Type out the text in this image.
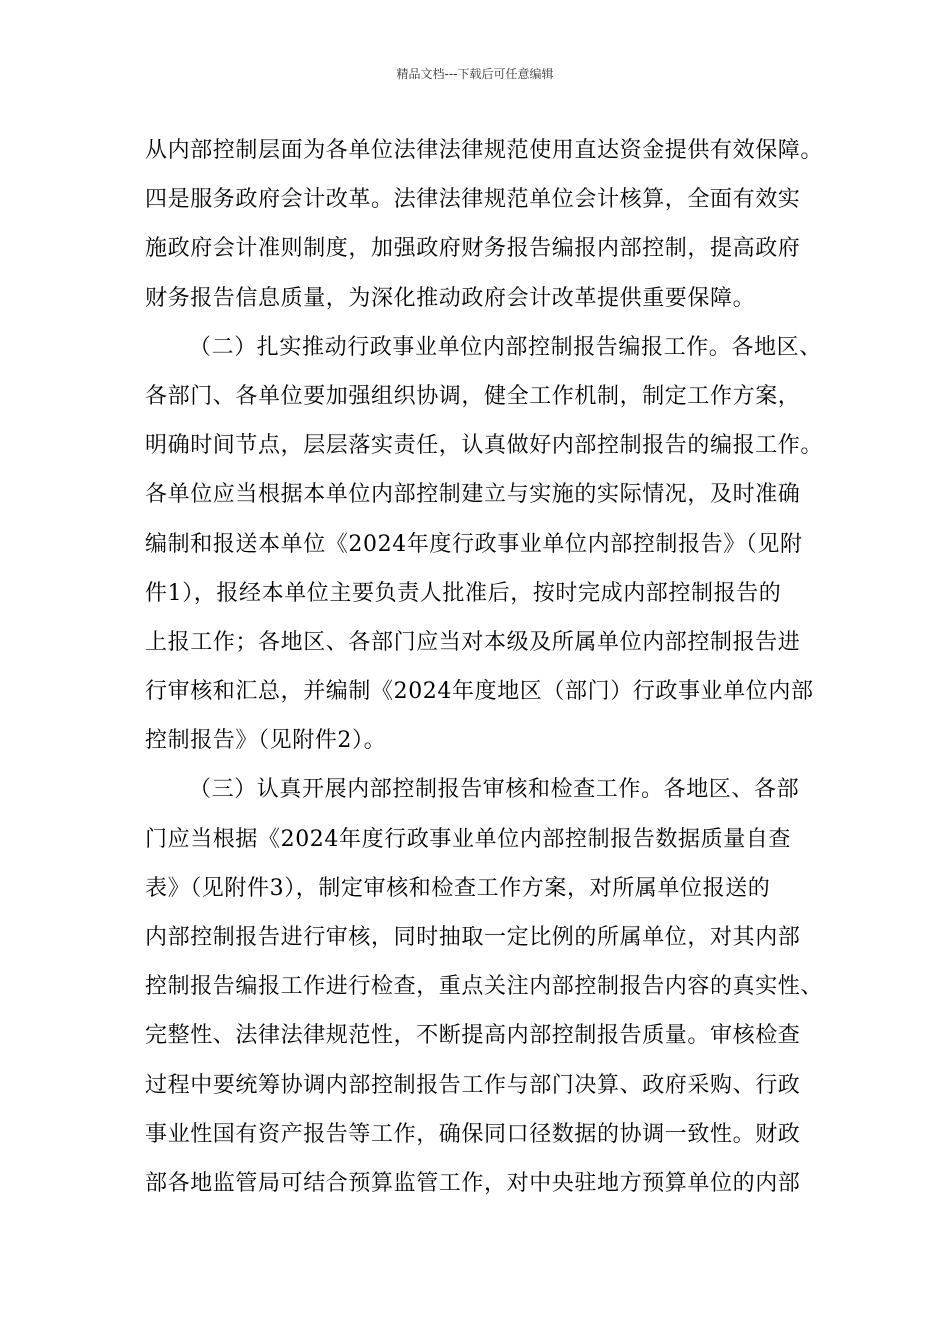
精品文档---下载后可任意编辑
从内部控制层面为各单位法律法律规范使用直达资金提供有效保障。
四是服务政府会计改革。法律法律规范单位会计核算，全面有效实
施政府会计准则制度，加强政府财务报告编报内部控制，提高政府
财务报告信息质量，为深化推动政府会计改革提供重要保障。
（二）扎实推动行政事业单位内部控制报告编报工作。各地区、
各部门、各单位要加强组织协调，健全工作机制，制定工作方案，
明确时间节点，层层落实责任，认真做好内部控制报告的编报工作。
各单位应当根据本单位内部控制建立与实施的实际情况，及时准确
编制和报送本单位《2024年度行政事业单位内部控制报告》（见附
件1），报经本单位主要负责人批准后，按时完成内部控制报告的
上报工作；各地区、各部门应当对本级及所属单位内部控制报告进
行审核和汇总，并编制《2024年度地区（部门）行政事业单位内部
控制报告》（见附件2）。
（三）认真开展内部控制报告审核和检查工作。各地区、各部
门应当根据《2024年度行政事业单位内部控制报告数据质量自查
表》（见附件3），制定审核和检查工作方案，对所属单位报送的
内部控制报告进行审核，同时抽取一定比例的所属单位，对其内部
控制报告编报工作进行检查，重点关注内部控制报告内容的真实性、
完整性、法律法律规范性，不断提高内部控制报告质量。审核检查
过程中要统筹协调内部控制报告工作与部门决算、政府采购、行政
事业性国有资产报告等工作，确保同口径数据的协调一致性。财政
部各地监管局可结合预算监管工作，对中央驻地方预算单位的内部
